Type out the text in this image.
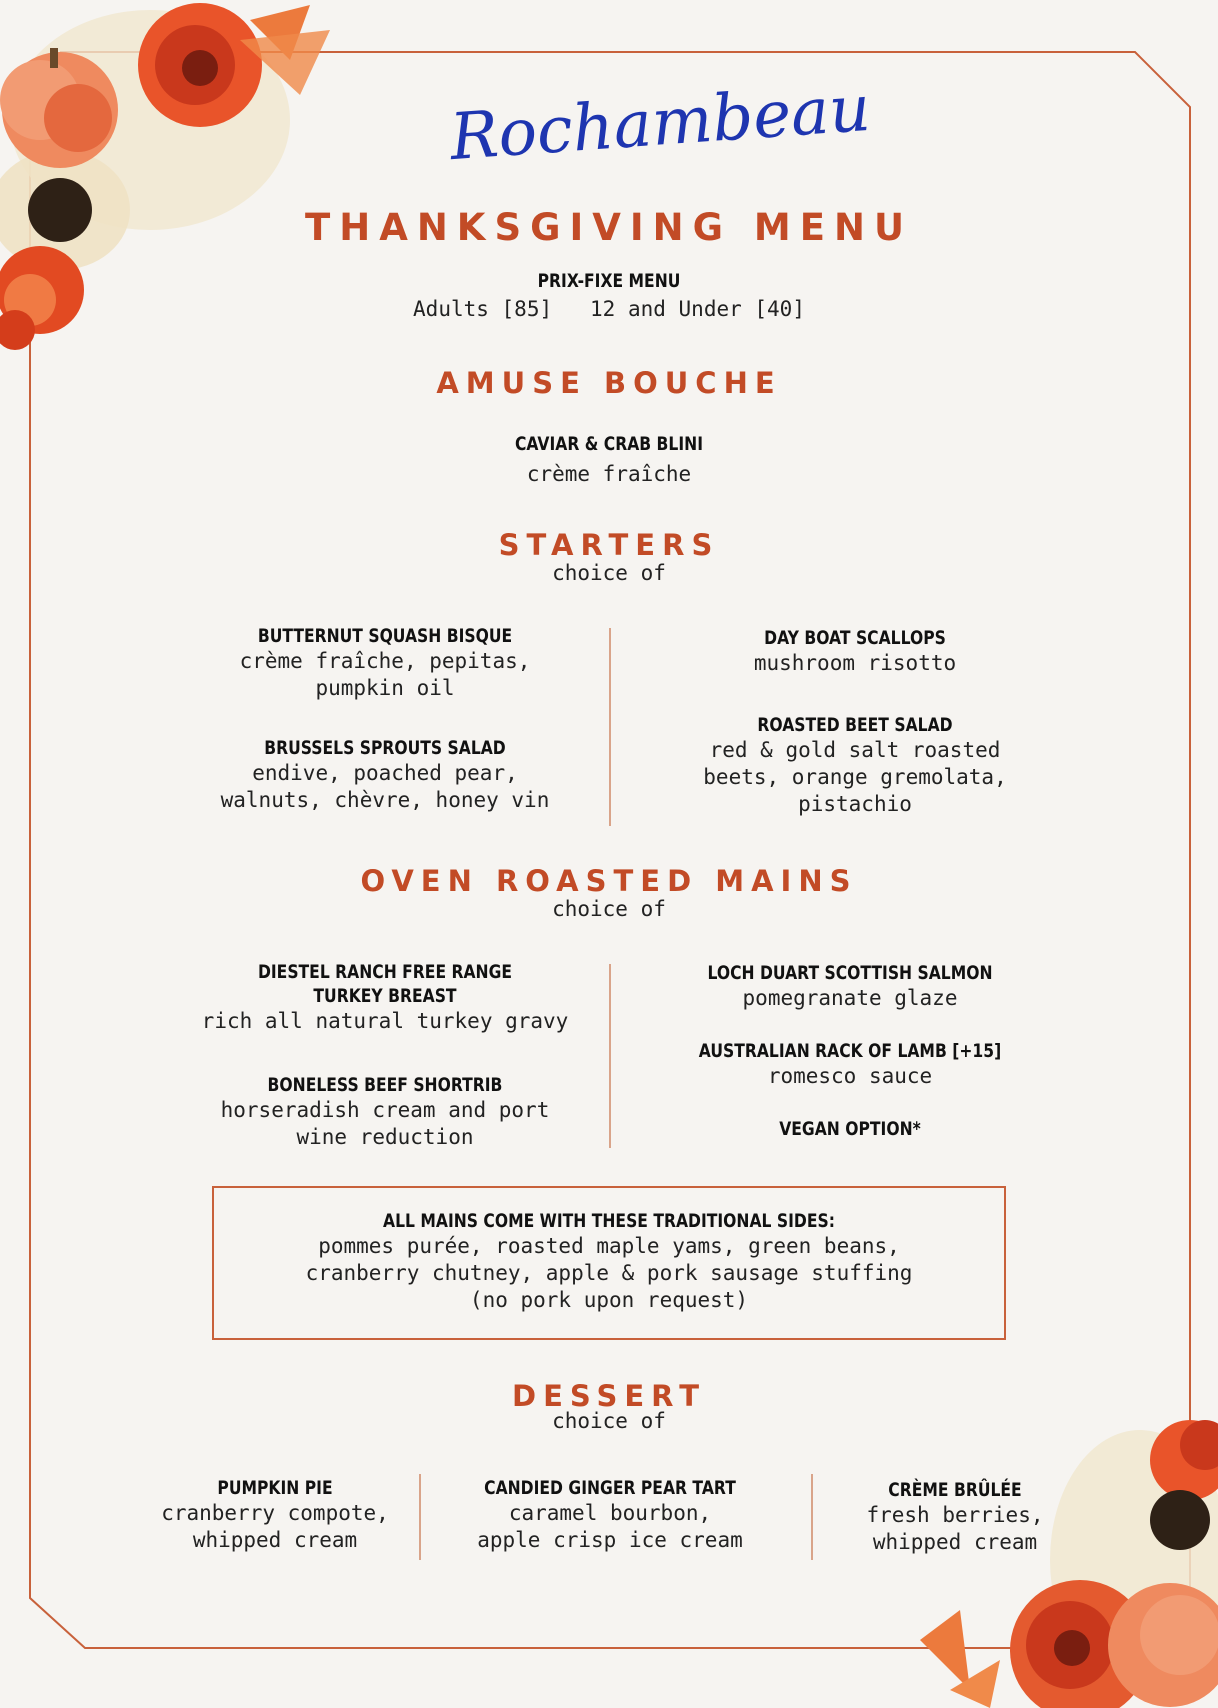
Rochambeau
THANKSGIVING MENU
PRIX-FIXE MENU
Adults [85]   12 and Under [40]
AMUSE BOUCHE
CAVIAR & CRAB BLINI
crème fraîche
STARTERS
choice of
BUTTERNUT SQUASH BISQUE
crème fraîche, pepitas,
pumpkin oil
BRUSSELS SPROUTS SALAD
endive, poached pear,
walnuts, chèvre, honey vin
DAY BOAT SCALLOPS
mushroom risotto
ROASTED BEET SALAD
red & gold salt roasted
beets, orange gremolata,
pistachio
OVEN ROASTED MAINS
choice of
DIESTEL RANCH FREE RANGE
TURKEY BREAST
rich all natural turkey gravy
BONELESS BEEF SHORTRIB
horseradish cream and port
wine reduction
LOCH DUART SCOTTISH SALMON
pomegranate glaze
AUSTRALIAN RACK OF LAMB [+15]
romesco sauce
VEGAN OPTION*
ALL MAINS COME WITH THESE TRADITIONAL SIDES:
pommes purée, roasted maple yams, green beans,
cranberry chutney, apple & pork sausage stuffing
(no pork upon request)
DESSERT
choice of
PUMPKIN PIE
cranberry compote,
whipped cream
CANDIED GINGER PEAR TART
caramel bourbon,
apple crisp ice cream
CRÈME BRÛLÉE
fresh berries,
whipped cream
